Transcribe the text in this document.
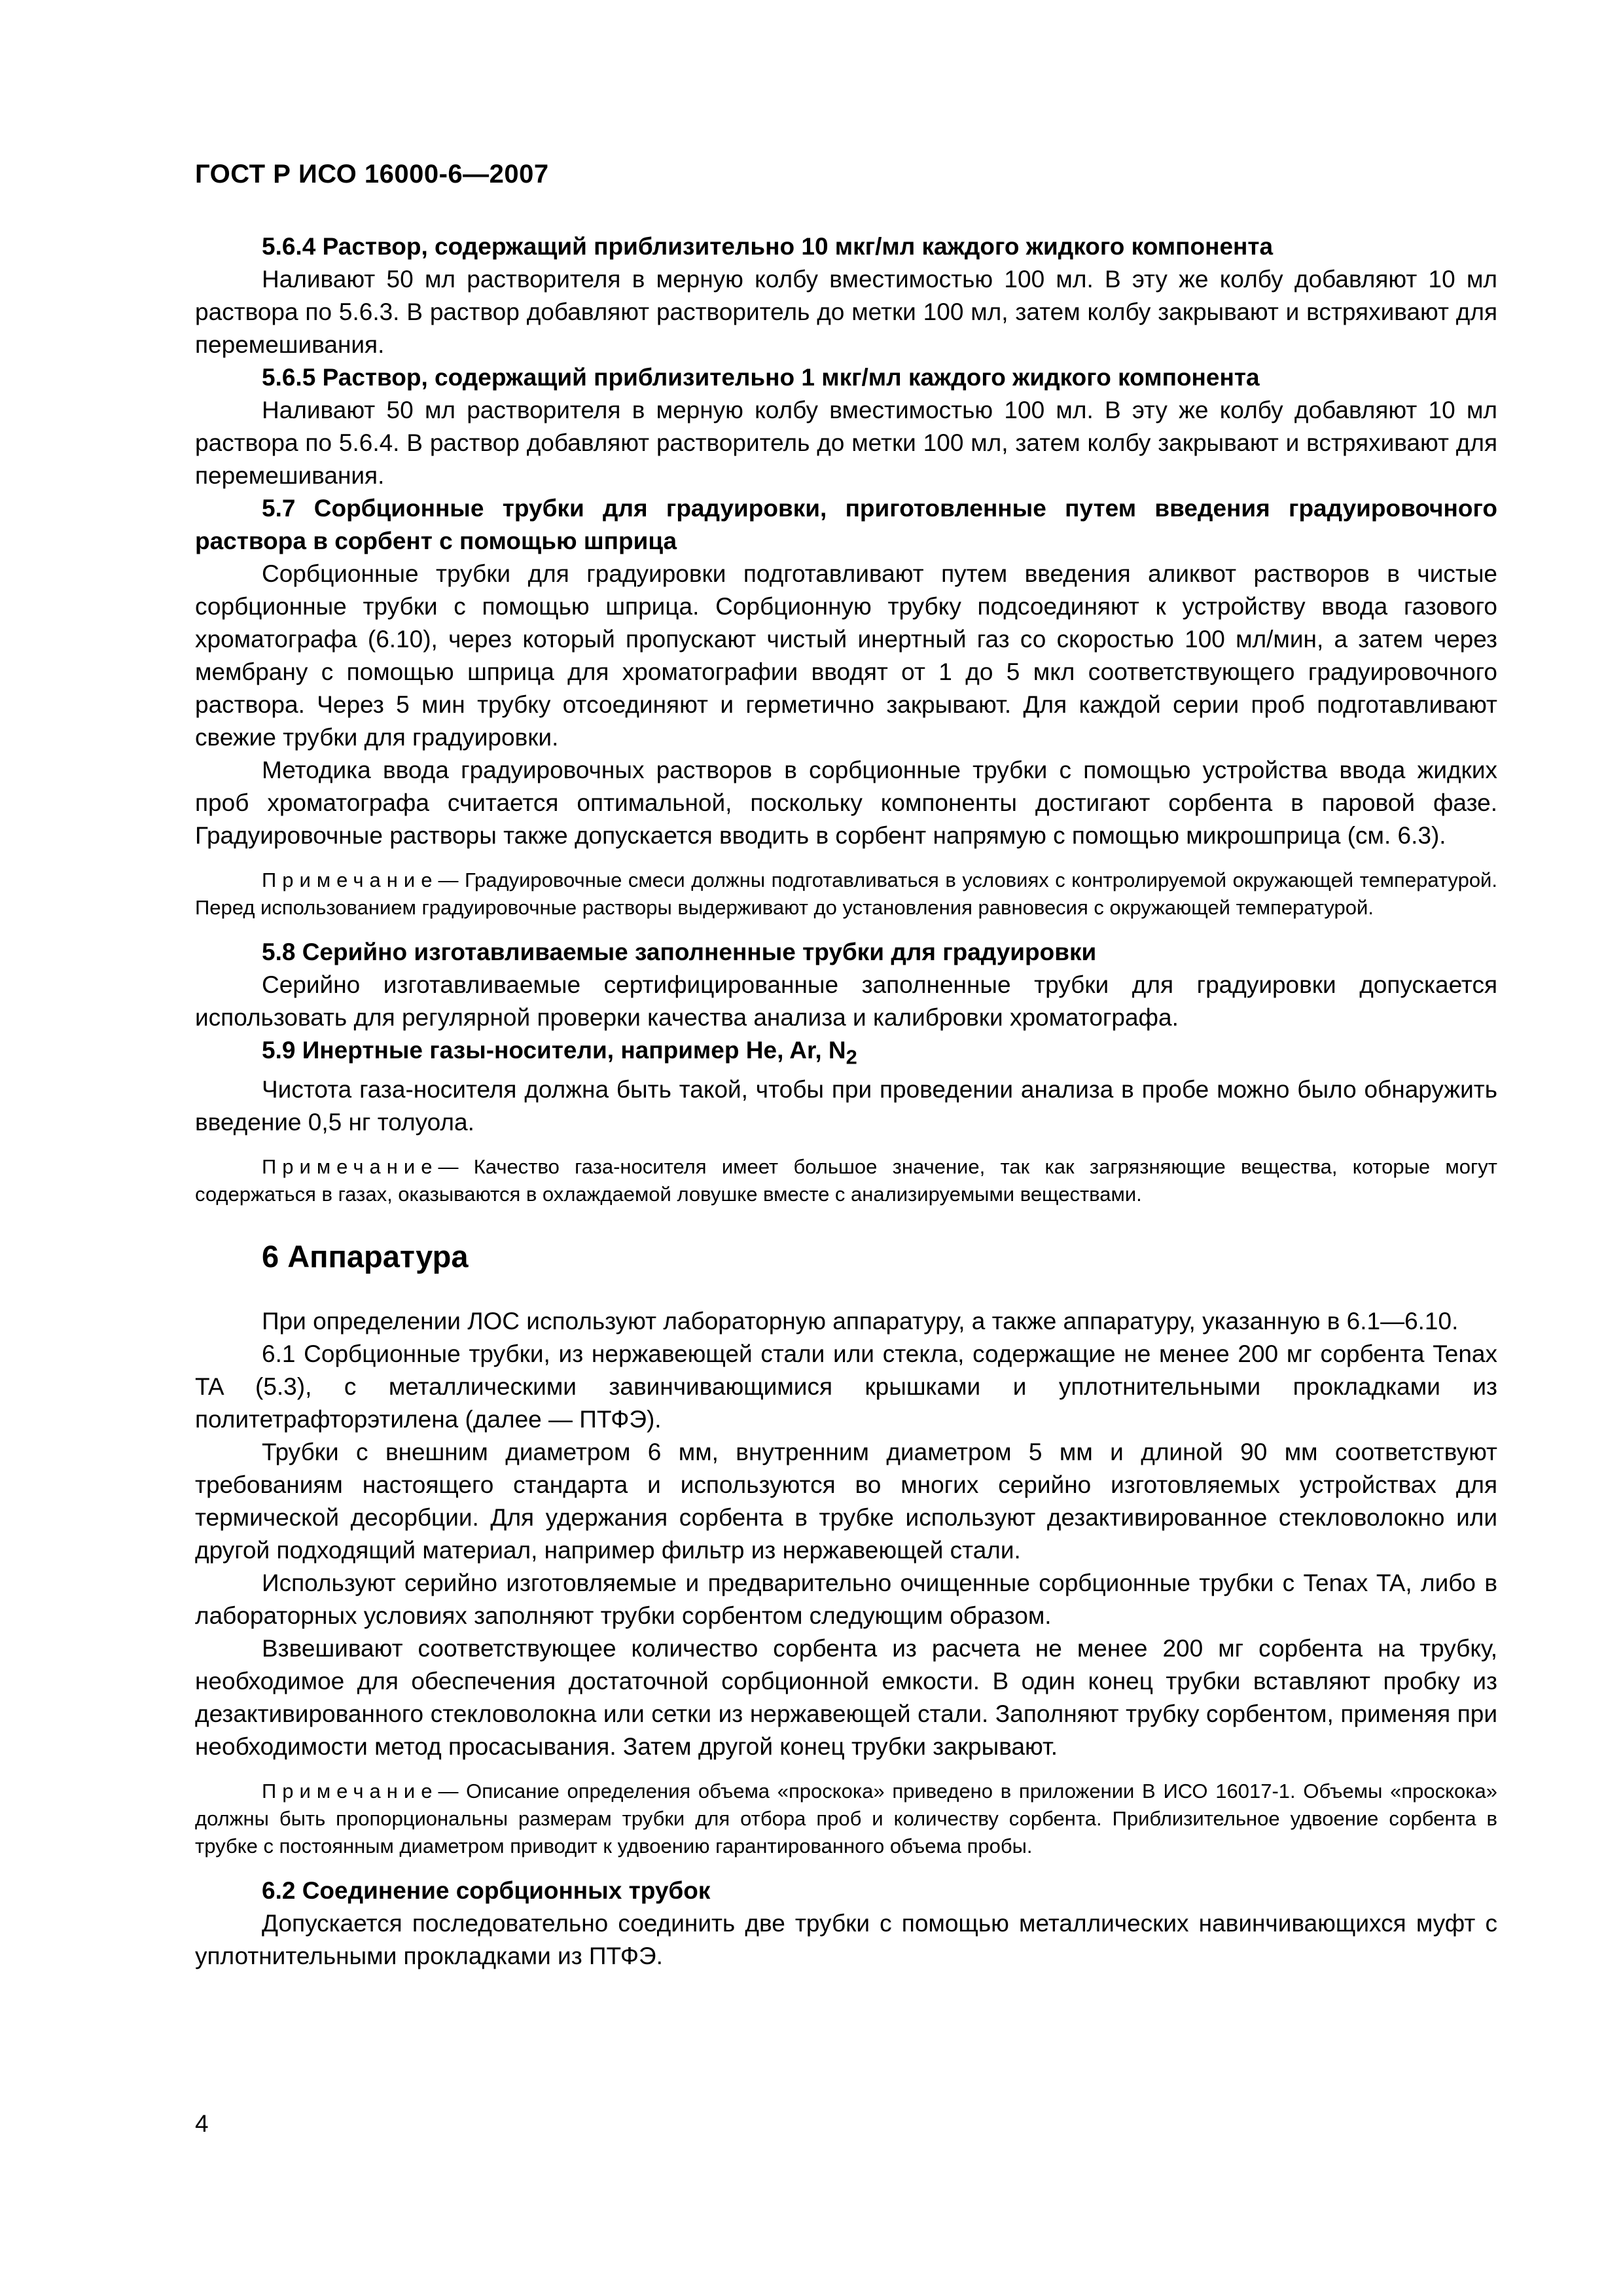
ГОСТ Р ИСО 16000-6—2007

5.6.4 Раствор, содержащий приблизительно 10 мкг/мл каждого жидкого компонента

Наливают 50 мл растворителя в мерную колбу вместимостью 100 мл. В эту же колбу добавляют 10 мл раствора по 5.6.3. В раствор добавляют растворитель до метки 100 мл, затем колбу закрывают и встряхивают для перемешивания.

5.6.5 Раствор, содержащий приблизительно 1 мкг/мл каждого жидкого компонента

Наливают 50 мл растворителя в мерную колбу вместимостью 100 мл. В эту же колбу добавляют 10 мл раствора по 5.6.4. В раствор добавляют растворитель до метки 100 мл, затем колбу закрывают и встряхивают для перемешивания.

5.7 Сорбционные трубки для градуировки, приготовленные путем введения градуировочного раствора в сорбент с помощью шприца

Сорбционные трубки для градуировки подготавливают путем введения аликвот растворов в чистые сорбционные трубки с помощью шприца. Сорбционную трубку подсоединяют к устройству ввода газового хроматографа (6.10), через который пропускают чистый инертный газ со скоростью 100 мл/мин, а затем через мембрану с помощью шприца для хроматографии вводят от 1 до 5 мкл соответствующего градуировочного раствора. Через 5 мин трубку отсоединяют и герметично закрывают. Для каждой серии проб подготавливают свежие трубки для градуировки.

Методика ввода градуировочных растворов в сорбционные трубки с помощью устройства ввода жидких проб хроматографа считается оптимальной, поскольку компоненты достигают сорбента в паровой фазе. Градуировочные растворы также допускается вводить в сорбент напрямую с помощью микрошприца (см. 6.3).

Примечание— Градуировочные смеси должны подготавливаться в условиях с контролируемой окружающей температурой. Перед использованием градуировочные растворы выдерживают до установления равновесия с окружающей температурой.

5.8 Серийно изготавливаемые заполненные трубки для градуировки

Серийно изготавливаемые сертифицированные заполненные трубки для градуировки допускается использовать для регулярной проверки качества анализа и калибровки хроматографа.

5.9 Инертные газы-носители, например He, Ar, $N_2$

Чистота газа-носителя должна быть такой, чтобы при проведении анализа в пробе можно было обнаружить введение 0,5 нг толуола.

Примечание— Качество газа-носителя имеет большое значение, так как загрязняющие вещества, которые могут содержаться в газах, оказываются в охлаждаемой ловушке вместе с анализируемыми веществами.

6 Аппаратура

При определении ЛОС используют лабораторную аппаратуру, а также аппаратуру, указанную в 6.1—6.10.

6.1 Сорбционные трубки, из нержавеющей стали или стекла, содержащие не менее 200 мг сорбента Tenax TA (5.3), с металлическими завинчивающимися крышками и уплотнительными прокладками из политетрафторэтилена (далее — ПТФЭ).

Трубки с внешним диаметром 6 мм, внутренним диаметром 5 мм и длиной 90 мм соответствуют требованиям настоящего стандарта и используются во многих серийно изготовляемых устройствах для термической десорбции. Для удержания сорбента в трубке используют дезактивированное стекловолокно или другой подходящий материал, например фильтр из нержавеющей стали.

Используют серийно изготовляемые и предварительно очищенные сорбционные трубки с Tenax TA, либо в лабораторных условиях заполняют трубки сорбентом следующим образом.

Взвешивают соответствующее количество сорбента из расчета не менее 200 мг сорбента на трубку, необходимое для обеспечения достаточной сорбционной емкости. В один конец трубки вставляют пробку из дезактивированного стекловолокна или сетки из нержавеющей стали. Заполняют трубку сорбентом, применяя при необходимости метод просасывания. Затем другой конец трубки закрывают.

Примечание— Описание определения объема «проскока» приведено в приложении В ИСО 16017-1. Объемы «проскока» должны быть пропорциональны размерам трубки для отбора проб и количеству сорбента. Приблизительное удвоение сорбента в трубке с постоянным диаметром приводит к удвоению гарантированного объема пробы.

6.2 Соединение сорбционных трубок

Допускается последовательно соединить две трубки с помощью металлических навинчивающихся муфт с уплотнительными прокладками из ПТФЭ.

4
